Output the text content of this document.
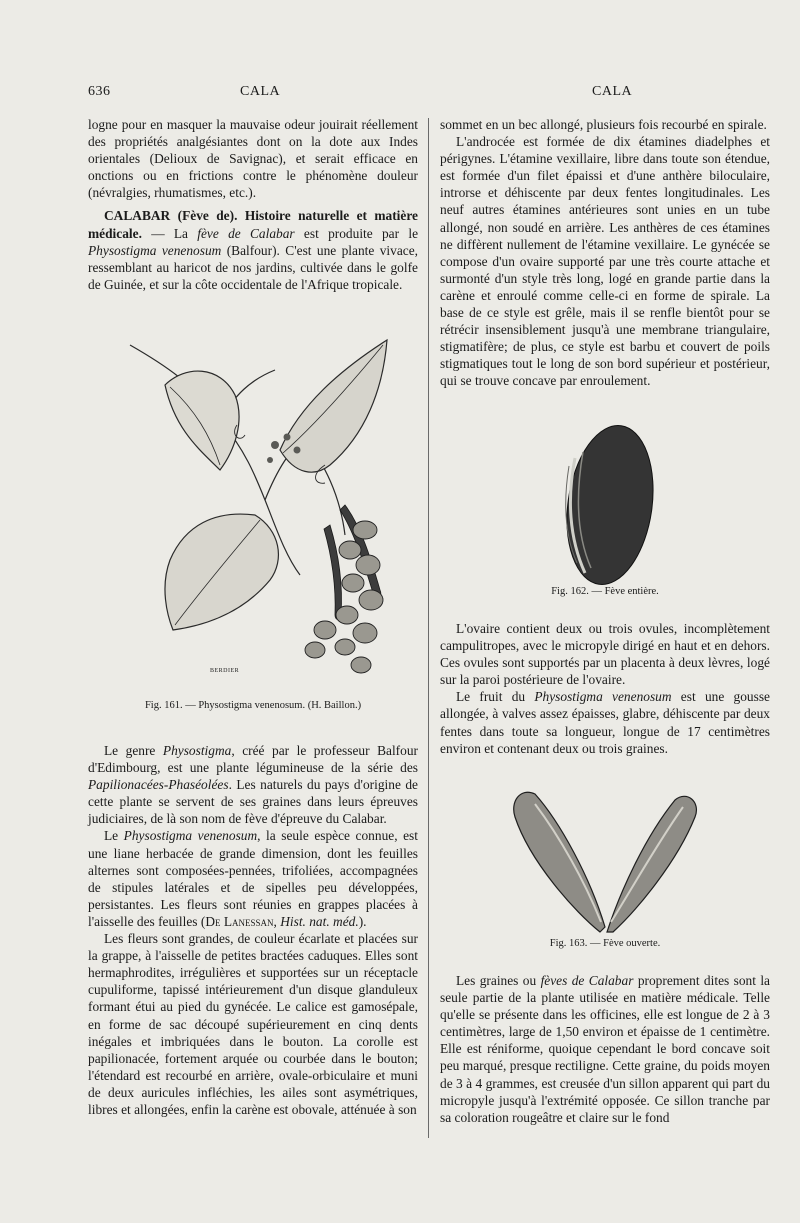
636	CALA	CALA

logne pour en masquer la mauvaise odeur jouirait réellement des propriétés analgésiantes dont on la dote aux Indes orientales (Delioux de Savignac), et serait efficace en onctions ou en frictions contre le phénomène douleur (névralgies, rhumatismes, etc.).

CALABAR (Fève de). Histoire naturelle et matière médicale. — La fève de Calabar est produite par le Physostigma venenosum (Balfour). C'est une plante vivace, ressemblant au haricot de nos jardins, cultivée dans le golfe de Guinée, et sur la côte occidentale de l'Afrique tropicale.

BERDIER
Fig. 161. — Physostigma venenosum. (H. Baillon.)

Le genre Physostigma, créé par le professeur Balfour d'Edimbourg, est une plante légumineuse de la série des Papilionacées-Phaséolées. Les naturels du pays d'origine de cette plante se servent de ses graines dans leurs épreuves judiciaires, de là son nom de fève d'épreuve du Calabar.

Le Physostigma venenosum, la seule espèce connue, est une liane herbacée de grande dimension, dont les feuilles alternes sont composées-pennées, trifoliées, accompagnées de stipules latérales et de sipelles peu développées, persistantes. Les fleurs sont réunies en grappes placées à l'aisselle des feuilles (De Lanessan, Hist. nat. méd.).

Les fleurs sont grandes, de couleur écarlate et placées sur la grappe, à l'aisselle de petites bractées caduques. Elles sont hermaphrodites, irrégulières et supportées sur un réceptacle cupuliforme, tapissé intérieurement d'un disque glanduleux formant étui au pied du gynécée. Le calice est gamosépale, en forme de sac découpé supérieurement en cinq dents inégales et imbriquées dans le bouton. La corolle est papilionacée, fortement arquée ou courbée dans le bouton; l'étendard est recourbé en arrière, ovale-orbiculaire et muni de deux auricules infléchies, les ailes sont asymétriques, libres et allongées, enfin la carène est obovale, atténuée à son

sommet en un bec allongé, plusieurs fois recourbé en spirale.

L'androcée est formée de dix étamines diadelphes et périgynes. L'étamine vexillaire, libre dans toute son étendue, est formée d'un filet épaissi et d'une anthère biloculaire, introrse et déhiscente par deux fentes longitudinales. Les neuf autres étamines antérieures sont unies en un tube allongé, non soudé en arrière. Les anthères de ces étamines ne diffèrent nullement de l'étamine vexillaire. Le gynécée se compose d'un ovaire supporté par une très courte attache et surmonté d'un style très long, logé en grande partie dans la carène et enroulé comme celle-ci en forme de spirale. La base de ce style est grêle, mais il se renfle bientôt pour se rétrécir insensiblement jusqu'à une membrane triangulaire, stigmatifère; de plus, ce style est barbu et couvert de poils stigmatiques tout le long de son bord supérieur et postérieur, qui se trouve concave par enroulement.

Fig. 162. — Fève entière.

L'ovaire contient deux ou trois ovules, incomplètement campulitropes, avec le micropyle dirigé en haut et en dehors. Ces ovules sont supportés par un placenta à deux lèvres, logé sur la paroi postérieure de l'ovaire.

Le fruit du Physostigma venenosum est une gousse allongée, à valves assez épaisses, glabre, déhiscente par deux fentes dans toute sa longueur, longue de 17 centimètres environ et contenant deux ou trois graines.

Fig. 163. — Fève ouverte.

Les graines ou fèves de Calabar proprement dites sont la seule partie de la plante utilisée en matière médicale. Telle qu'elle se présente dans les officines, elle est longue de 2 à 3 centimètres, large de 1,50 environ et épaisse de 1 centimètre. Elle est réniforme, quoique cependant le bord concave soit peu marqué, presque rectiligne. Cette graine, du poids moyen de 3 à 4 grammes, est creusée d'un sillon apparent qui part du micropyle jusqu'à l'extrémité opposée. Ce sillon tranche par sa coloration rougeâtre et claire sur le fond
